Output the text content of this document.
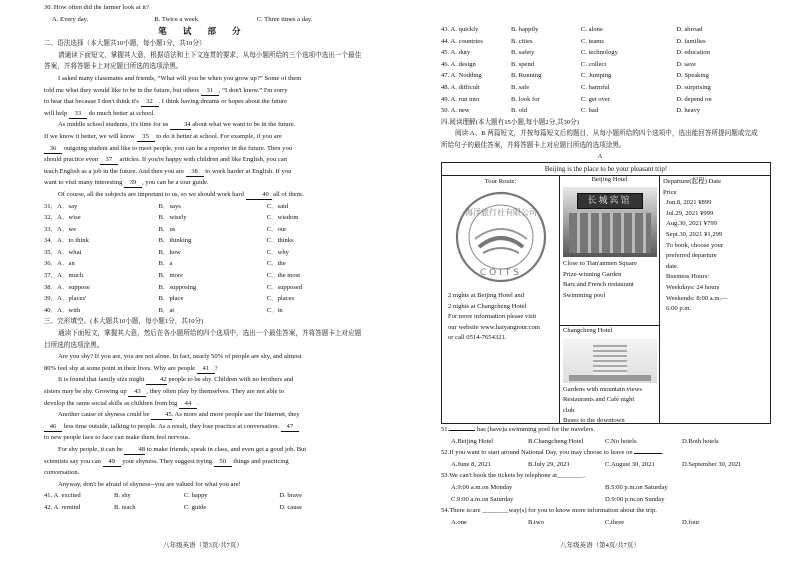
30. How often did the farmer look at it?
A. Every day.	B. Twice a week.	C. Three times a day.
笔 试 部 分
二、语法选择（本大题共10小题，每小题1分，共10分）
请通读下面短文，掌握其大意，根据语法和上下文连贯的要求，从每小题所给的三个选项中选出一个最佳答案，并将答题卡上对应题目所选的选项涂黑。
I asked many classmates and friends, “What will you be when you grow up?” Some of them
told me what they would like to be in the future, but others 31 , “I don't know.” I'm sorry
to hear that because I don't think it's 32 . I think having dreams or hopes about the future
will help 33 do much better at school.
As middle school students, it's time for us 34 about what we want to be in the future.
If we know it better, we will know 35 to do it better at school. For example, if you are
36 outgoing student and like to meet people, you can be a reporter in the future. Then you
should practice even 37 articles. If you're happy with children and like English, you can
teach English as a job in the future. And then you are 38 to work harder at English. If you
want to visit many interesting 39 , you can be a tour guide.
Of course, all the subjects are important to us, so we should work hard	40 all of them.
31．A．say	B．says	C．said
32．A．wise	B．wisely	C．wisdom
33．A．we	B．us	C．our
34．A．to think	B．thinking	C．thinks
35．A．what	B．how	C．why
36．A．an	B．a	C．the
37．A．much	B．more	C．the most
38．A．suppose	B．supposing	C．supposed
39．A．places'	B．place	C．places
40．A．with	B．at	C．in
三、完形填空。(本大题共10小题，每小题1分，共10分)
通读下面短文，掌握其大意，然后在各小题所给的四个选项中，选出一个最佳答案，并将答题卡上对应题目所选的选项涂黑。
Are you shy? If you are, you are not alone. In fact, nearly 50% of people are shy, and almost
80% feel shy at some point in their lives. Why are people 41 ?
It is found that family size might 42 people to be shy. Children with no brothers and
sisters may be shy. Growing up 43 , they often play by themselves. They are not able to
develop the same social skills as children from big 44 .
Another cause of shyness could be 45. As more and more people use the Internet, they
46 less time outside, talking to people. As a result, they lose practice at conversation. 47
to new people face to face can make them feel nervous.
For shy people, it can be 48 to make friends, speak in class, and even get a good job. But
scientists say you can 49 your shyness. They suggest trying 50 things and practicing
conversation.
Anyway, don't be afraid of shyness--you are valued for what you are!
41. A. excited	B. shy	C. happy	D. brave
42. A. remind	B. teach	C. guide	D. cause
八年级英语（第3页/共7页）
43. A. quickly	B. happily	C. alone	D. abroad
44. A. countries	B. cities	C. teams	D. families
45. A. duty	B. safety	C. technology	D. education
46. A. design	B. spend	C. collect	D. save
47. A. Nodding	B. Running	C. Jumping	D. Speaking
48. A. difficult	B. safe	C. harmful	D. surprising
49. A. run into	B. look for	C. get over	D. depend on
50. A. new	B. old	C. bad	D. heavy
四.阅读理解(本大题有15小题,每小题2分,共30分)
阅读 A、B 两篇短文，并按每篇短文后的题目，从每小题所给的四个选项中，选出能回答所提问题或完成所给句子的最佳答案，并将答题卡上对应题目所选的选项涂黑。
A
八年级英语（第4页/共7页）
Beijing is the place to be your pleasant trip!
Tour Route:
海洋旅行社有限公司
COITS
2 nights at Beijing Hotel and
2 nights at Changcheng Hotel
For more information please visit
our website www.haiyangtour.com
or call 0514-7654321.
Beijing Hotel
长城宾馆
Close to Tian'anmen Square
Prize-winning Garden
Bars and French restaurant
Swimming pool
Changcheng Hotel
Gardens with mountain views
Restaurants and Café night
club
Buses to the downtown
Departure(起程) Date
Price
Jun.8, 2021 ¥899
Jul.29, 2021 ¥999
Aug.30, 2021 ¥799
Sept.30, 2021 ¥1,299
To book, choose your
preferred departure
date.
Business Hours:
Weekdays: 24 hours
Weekends: 8:00 a.m.—
6:00 p.m.
51.	has (have)a swimming pool for the travelers.
A.Beijing Hotel	B.Changcheng Hotel	C.No hotels	D.Both hotels
52.If you want to start around National Day, you may choose to leave on	.
A.June 8, 2021	B.July 29, 2021	C.August 30, 2021	D.September 30, 2021
53.We can't book the tickets by telephone at________.
A.9:00 a.m.on Monday	B.5:00 p.m.on Saturday
C.9:00 a.m.on Saturday	D.9:00 p.m.on Sunday
54.There is/are ________way(s) for you to know more information about the trip.
A.one	B.two	C.three	D.four
